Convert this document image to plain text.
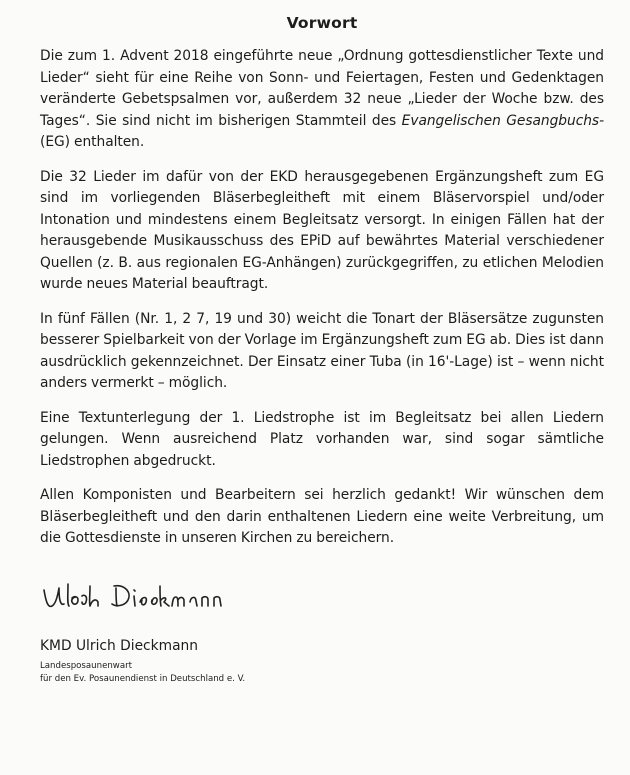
Vorwort

Die zum 1. Advent 2018 eingeführte neue „Ordnung gottesdienstlicher Texte und Lieder“ sieht für eine Reihe von Sonn- und Feiertagen, Festen und Gedenktagen veränderte Gebetspsalmen vor, außerdem 32 neue „Lieder der Woche bzw. des Tages“. Sie sind nicht im bisherigen Stammteil des Evangelischen Gesangbuchs- (EG) enthalten.

Die 32 Lieder im dafür von der EKD herausgegebenen Ergänzungsheft zum EG sind im vorliegenden Bläserbegleitheft mit einem Bläservorspiel und/oder Intonation und mindestens einem Begleitsatz versorgt. In einigen Fällen hat der herausgebende Musikausschuss des EPiD auf bewährtes Material verschiedener Quellen (z. B. aus regionalen EG-Anhängen) zurückgegriffen, zu etlichen Melodien wurde neues Material beauftragt.

In fünf Fällen (Nr. 1, 2 7, 19 und 30) weicht die Tonart der Bläsersätze zugunsten besserer Spielbarkeit von der Vorlage im Ergänzungsheft zum EG ab. Dies ist dann ausdrücklich gekennzeichnet. Der Einsatz einer Tuba (in 16'-Lage) ist – wenn nicht anders vermerkt – möglich.

Eine Textunterlegung der 1. Liedstrophe ist im Begleitsatz bei allen Liedern gelungen. Wenn ausreichend Platz vorhanden war, sind sogar sämtliche Liedstrophen abgedruckt.

Allen Komponisten und Bearbeitern sei herzlich gedankt! Wir wünschen dem Bläserbegleitheft und den darin enthaltenen Liedern eine weite Verbreitung, um die Gottesdienste in unseren Kirchen zu bereichern.

KMD Ulrich Dieckmann

Landesposaunenwart

für den Ev. Posaunendienst in Deutschland e. V.
